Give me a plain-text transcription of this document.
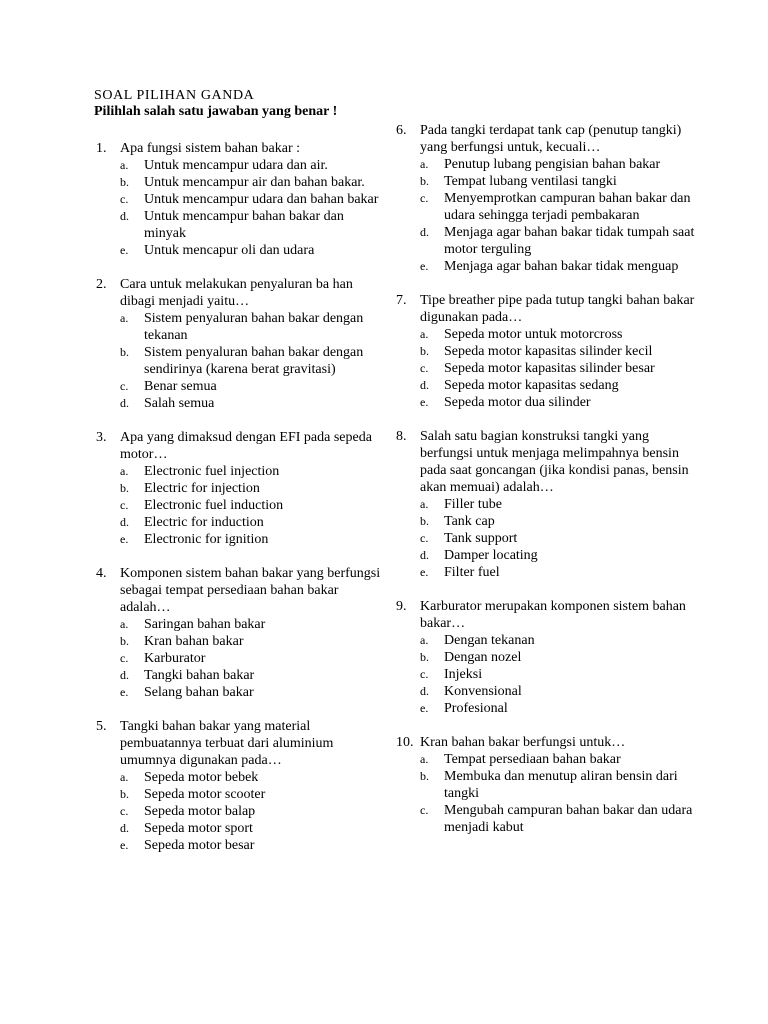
SOAL PILIHAN GANDA
Pilihlah salah satu jawaban yang benar !
1. Apa fungsi sistem bahan bakar :
a.	Untuk mencampur udara dan air.
b.	Untuk mencampur air dan bahan bakar.
c.	Untuk mencampur udara dan bahan bakar
d.	Untuk mencampur bahan bakar dan minyak
e.	Untuk mencapur oli dan udara
2. Cara untuk melakukan penyaluran ba han dibagi menjadi yaitu…
a.	Sistem penyaluran bahan bakar dengan tekanan
b.	Sistem penyaluran bahan bakar dengan sendirinya (karena berat gravitasi)
c.	Benar semua
d.	Salah semua
3. Apa yang dimaksud dengan EFI pada sepeda motor…
a.	Electronic fuel injection
b.	Electric for injection
c.	Electronic fuel induction
d.	Electric for induction
e.	Electronic for ignition
4. Komponen sistem bahan bakar yang berfungsi sebagai tempat persediaan bahan bakar adalah…
a.	Saringan bahan bakar
b.	Kran bahan bakar
c.	Karburator
d.	Tangki bahan bakar
e.	Selang bahan bakar
5. Tangki bahan bakar yang material pembuatannya terbuat dari aluminium umumnya digunakan pada…
a.	Sepeda motor bebek
b.	Sepeda motor scooter
c.	Sepeda motor balap
d.	Sepeda motor sport
e.	Sepeda motor besar
6. Pada tangki terdapat tank cap (penutup tangki) yang berfungsi untuk, kecuali…
a.	Penutup lubang pengisian bahan bakar
b.	Tempat lubang ventilasi tangki
c.	Menyemprotkan campuran bahan bakar dan udara sehingga terjadi pembakaran
d.	Menjaga agar bahan bakar tidak tumpah saat motor terguling
e.	Menjaga agar bahan bakar tidak menguap
7. Tipe breather pipe pada tutup tangki bahan bakar digunakan pada…
a.	Sepeda motor untuk motorcross
b.	Sepeda motor kapasitas silinder kecil
c.	Sepeda motor kapasitas silinder besar
d.	Sepeda motor kapasitas sedang
e.	Sepeda motor dua silinder
8. Salah satu bagian konstruksi tangki yang berfungsi untuk menjaga melimpahnya bensin pada saat goncangan (jika kondisi panas, bensin akan memuai) adalah…
a.	Filler tube
b.	Tank cap
c.	Tank support
d.	Damper locating
e.	Filter fuel
9. Karburator merupakan komponen sistem bahan bakar…
a.	Dengan tekanan
b.	Dengan nozel
c.	Injeksi
d.	Konvensional
e.	Profesional
10. Kran bahan bakar berfungsi untuk…
a.	Tempat persediaan bahan bakar
b.	Membuka dan menutup aliran bensin dari tangki
c.	Mengubah campuran bahan bakar dan udara menjadi kabut
